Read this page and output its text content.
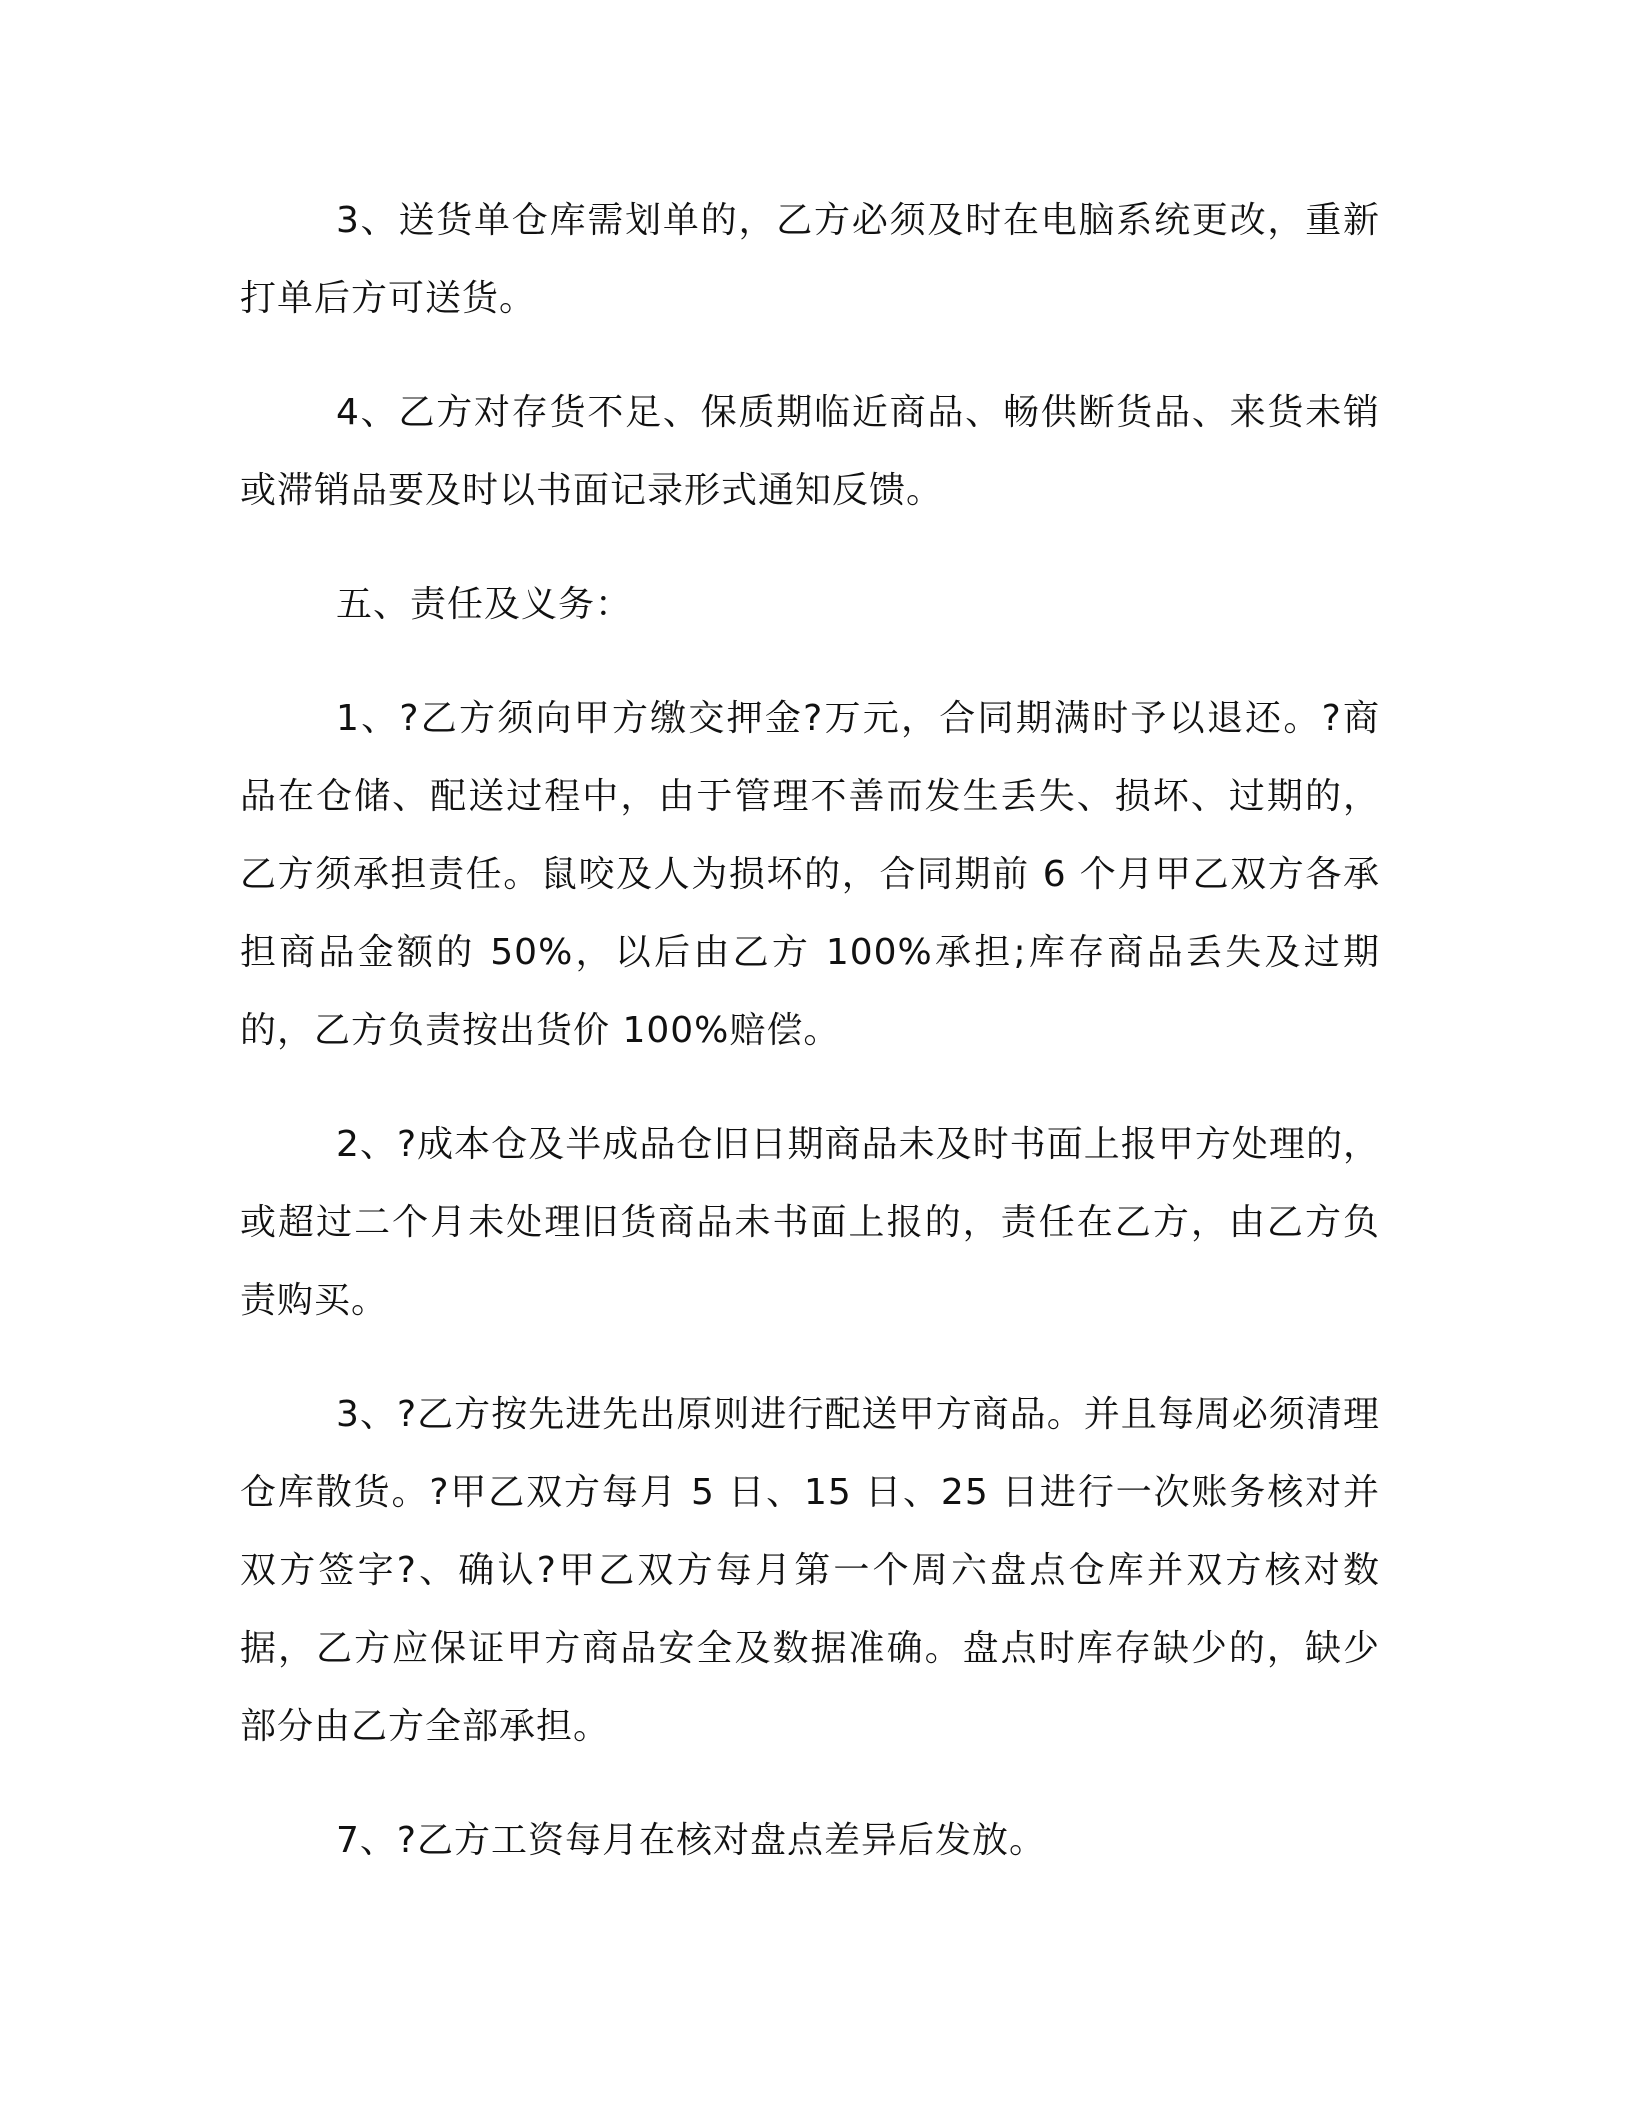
3、送货单仓库需划单的，乙方必须及时在电脑系统更改，重新打单后方可送货。

4、乙方对存货不足、保质期临近商品、畅供断货品、来货未销或滞销品要及时以书面记录形式通知反馈。

五、责任及义务：

1、?乙方须向甲方缴交押金?万元，合同期满时予以退还。?商品在仓储、配送过程中，由于管理不善而发生丢失、损坏、过期的，乙方须承担责任。鼠咬及人为损坏的，合同期前 6 个月甲乙双方各承担商品金额的 50%，以后由乙方 100%承担;库存商品丢失及过期的，乙方负责按出货价 100%赔偿。

2、?成本仓及半成品仓旧日期商品未及时书面上报甲方处理的，或超过二个月未处理旧货商品未书面上报的，责任在乙方，由乙方负责购买。

3、?乙方按先进先出原则进行配送甲方商品。并且每周必须清理仓库散货。?甲乙双方每月 5 日、15 日、25 日进行一次账务核对并双方签字?、确认?甲乙双方每月第一个周六盘点仓库并双方核对数据，乙方应保证甲方商品安全及数据准确。盘点时库存缺少的，缺少部分由乙方全部承担。

7、?乙方工资每月在核对盘点差异后发放。
